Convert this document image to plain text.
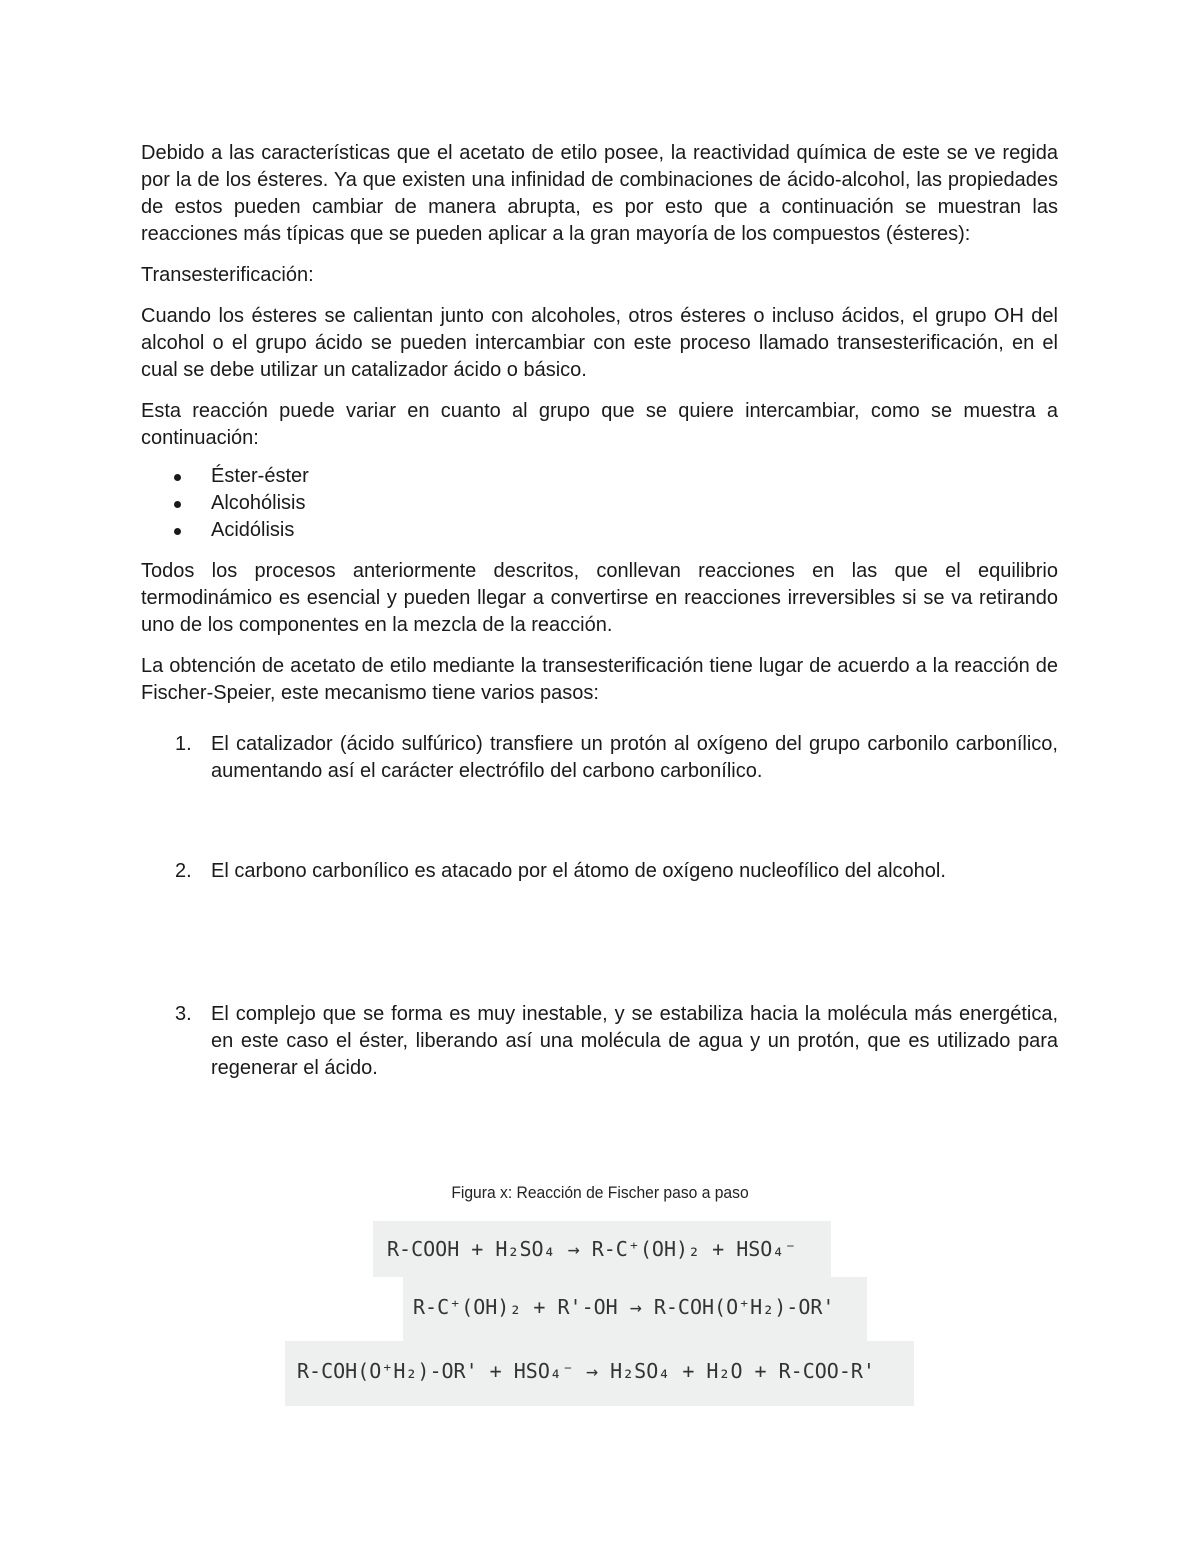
Debido a las características que el acetato de etilo posee, la reactividad química de este se ve regida por la de los ésteres. Ya que existen una infinidad de combinaciones de ácido-alcohol, las propiedades de estos pueden cambiar de manera abrupta, es por esto que a continuación se muestran las reacciones más típicas que se pueden aplicar a la gran mayoría de los compuestos (ésteres):

Transesterificación:

Cuando los ésteres se calientan junto con alcoholes, otros ésteres o incluso ácidos, el grupo OH del alcohol o el grupo ácido se pueden intercambiar con este proceso llamado transesterificación, en el cual se debe utilizar un catalizador ácido o básico.

Esta reacción puede variar en cuanto al grupo que se quiere intercambiar, como se muestra a continuación:

Éster-éster
Alcohólisis
Acidólisis

Todos los procesos anteriormente descritos, conllevan reacciones en las que el equilibrio termodinámico es esencial y pueden llegar a convertirse en reacciones irreversibles si se va retirando uno de los componentes en la mezcla de la reacción.

La obtención de acetato de etilo mediante la transesterificación tiene lugar de acuerdo a la reacción de Fischer-Speier, este mecanismo tiene varios pasos:

1. El catalizador (ácido sulfúrico) transfiere un protón al oxígeno del grupo carbonilo carbonílico, aumentando así el carácter electrófilo del carbono carbonílico.
2. El carbono carbonílico es atacado por el átomo de oxígeno nucleofílico del alcohol.
3. El complejo que se forma es muy inestable, y se estabiliza hacia la molécula más energética, en este caso el éster, liberando así una molécula de agua y un protón, que es utilizado para regenerar el ácido.
Figura x: Reacción de Fischer paso a paso
R-COOH + H₂SO₄ → R-C⁺(OH)₂ + HSO₄⁻
R-C⁺(OH)₂ + R'-OH → R-COH(O⁺H₂)-OR'
R-COH(O⁺H₂)-OR' + HSO₄⁻ → H₂SO₄ + H₂O + R-COO-R'
